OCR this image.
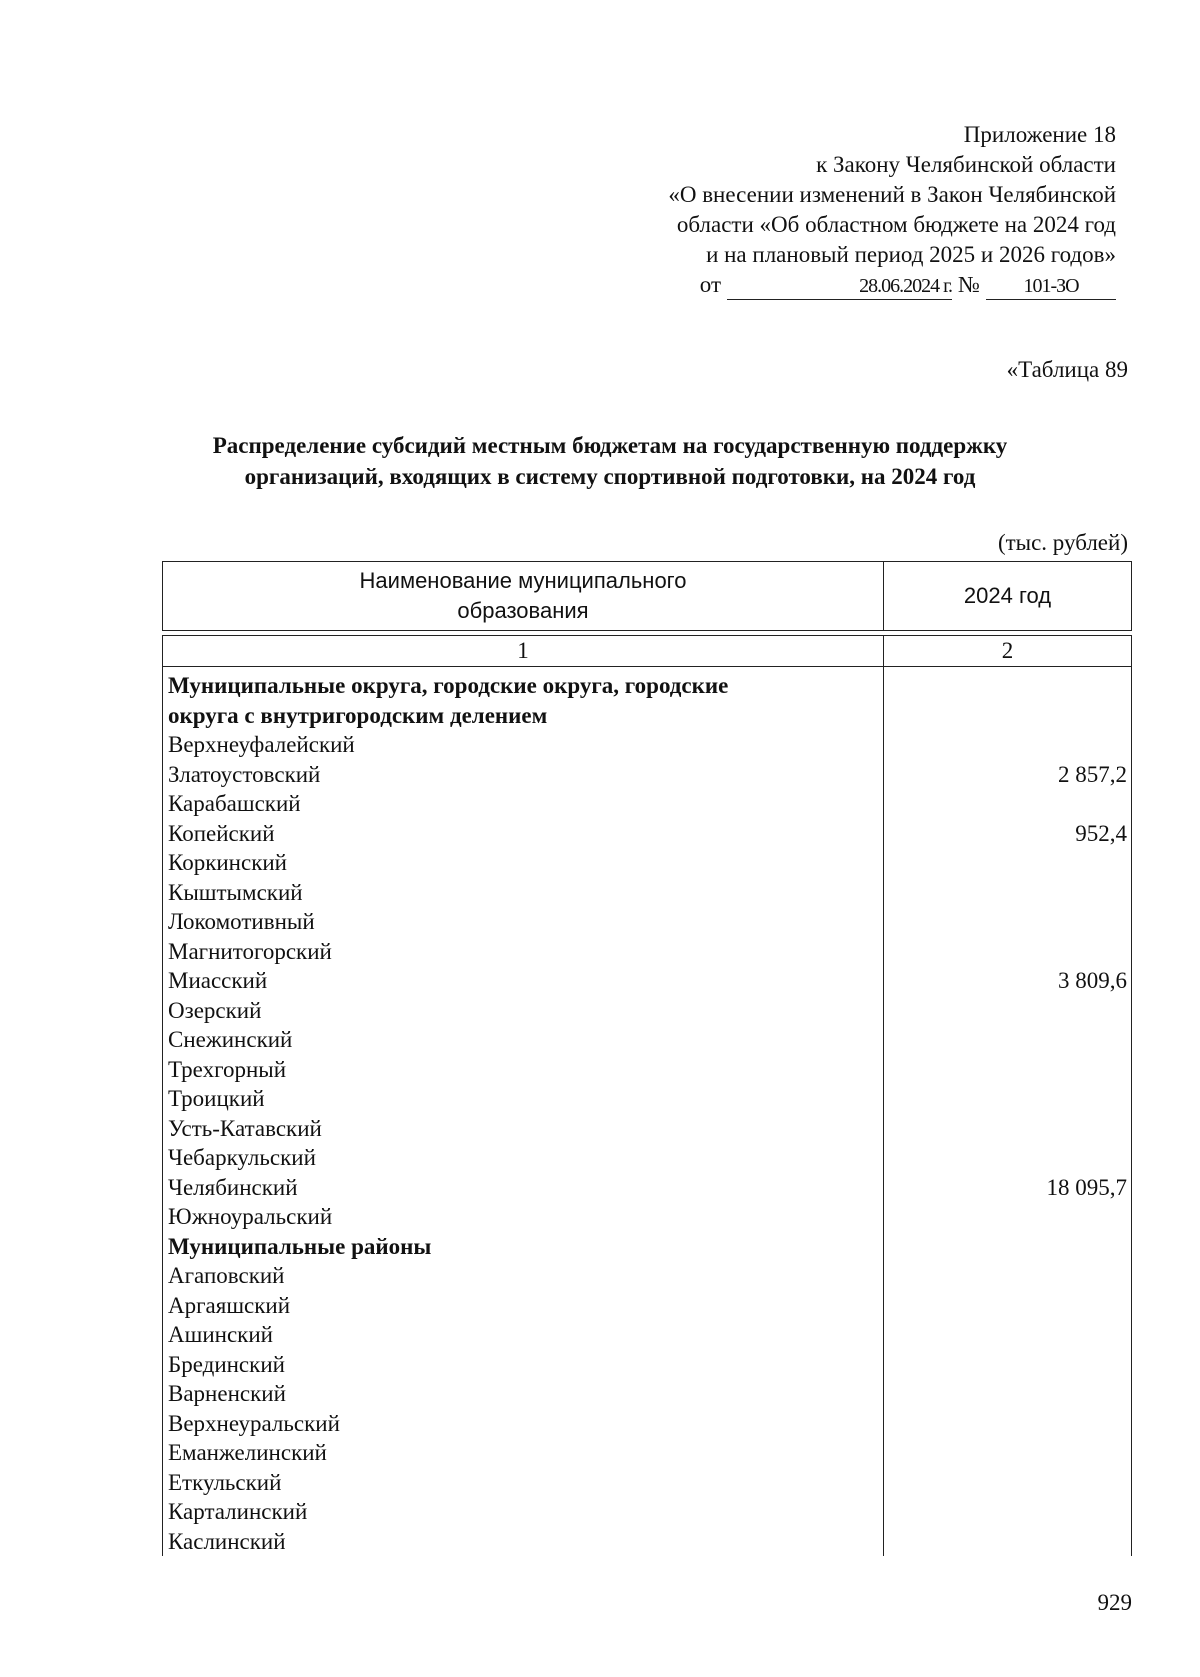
Приложение 18
к Закону Челябинской области
«О внесении изменений в Закон Челябинской
области «Об областном бюджете на 2024 год
и на плановый период 2025 и 2026 годов»
от	28.06.2024 г. №	101-ЗО
«Таблица 89
Распределение субсидий местным бюджетам на государственную поддержку
организаций, входящих в систему спортивной подготовки, на 2024 год
(тыс. рублей)
Наименование муниципального
образования	2024 год

1	2
Муниципальные округа, городские округа, городские	
округа с внутригородским делением	
Верхнеуфалейский	
Златоустовский	2 857,2
Карабашский	
Копейский	952,4
Коркинский	
Кыштымский	
Локомотивный	
Магнитогорский	
Миасский	3 809,6
Озерский	
Снежинский	
Трехгорный	
Троицкий	
Усть-Катавский	
Чебаркульский	
Челябинский	18 095,7
Южноуральский	
Муниципальные районы	
Агаповский	
Аргаяшский	
Ашинский	
Брединский	
Варненский	
Верхнеуральский	
Еманжелинский	
Еткульский	
Карталинский	
Каслинский	
929
